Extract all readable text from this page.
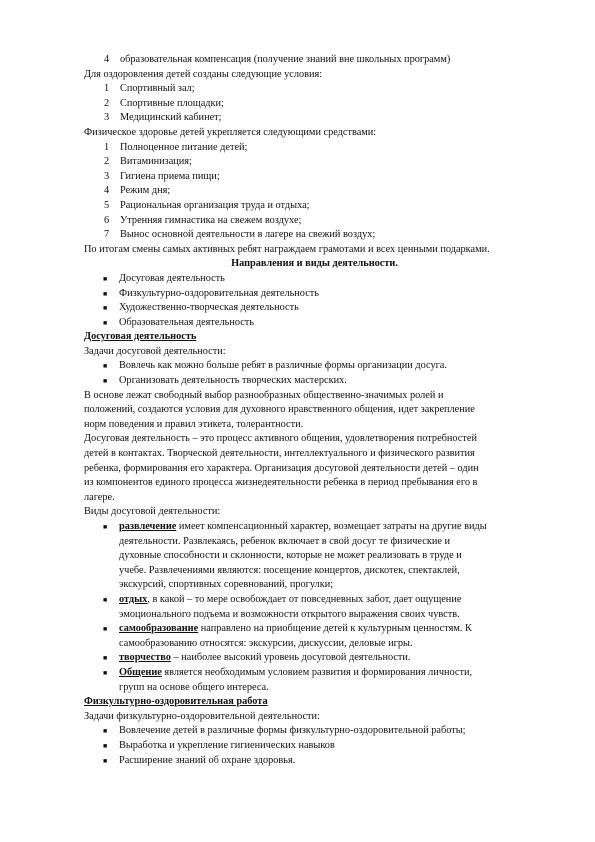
4 образовательная компенсация (получение знаний вне школьных программ)
Для оздоровления детей созданы следующие условия:
1 Спортивный зал;
2 Спортивные площадки;
3 Медицинский кабинет;
Физическое здоровье детей укрепляется следующими средствами:
1 Полноценное питание детей;
2 Витаминизация;
3 Гигиена приема пищи;
4 Режим дня;
5 Рациональная организация труда и отдыха;
6 Утренняя гимнастика на свежем воздухе;
7 Вынос основной деятельности в лагере на свежий воздух;
По итогам смены самых активных ребят награждаем грамотами и всех ценными подарками.
Направления и виды деятельности.
■ Досуговая деятельность
■ Физкультурно-оздоровительная деятельность
■ Художественно-творческая деятельность
■ Образовательная деятельность
Досуговая деятельность
Задачи досуговой деятельности:
■ Вовлечь как можно больше ребят в различные формы организации досуга.
■ Организовать деятельность творческих мастерских.
В основе лежат свободный выбор разнообразных общественно-значимых ролей и
положений, создаются условия для духовного нравственного общения, идет закрепление
норм поведения и правил этикета, толерантности.
Досуговая деятельность – это процесс активного общения, удовлетворения потребностей
детей в контактах. Творческой деятельности, интеллектуального и физического развития
ребенка, формирования его характера. Организация досуговой деятельности детей – один
из компонентов единого процесса жизнедеятельности ребенка в период пребывания его в
лагере.
Виды досуговой деятельности:
■ развлечение имеет компенсационный характер, возмещает затраты на другие виды
деятельности. Развлекаясь, ребенок включает в свой досуг те физические и
духовные способности и склонности, которые не может реализовать в труде и
учебе. Развлечениями являются: посещение концертов, дискотек, спектаклей,
экскурсий, спортивных соревнований, прогулки;
■ отдых, в какой – то мере освобождает от повседневных забот, дает ощущение
эмоционального подъема и возможности открытого выражения своих чувств.
■ самообразование направлено на приобщение детей к культурным ценностям. К
самообразованию относятся: экскурсии, дискуссии, деловые игры.
■ творчество – наиболее высокий уровень досуговой деятельности.
■ Общение является необходимым условием развития и формирования личности,
групп на основе общего интереса.
Физкультурно-оздоровительная работа
Задачи физкультурно-оздоровительной деятельности:
■ Вовлечение детей в различные формы физкультурно-оздоровительной работы;
■ Выработка и укрепление гигиенических навыков
■ Расширение знаний об охране здоровья.
